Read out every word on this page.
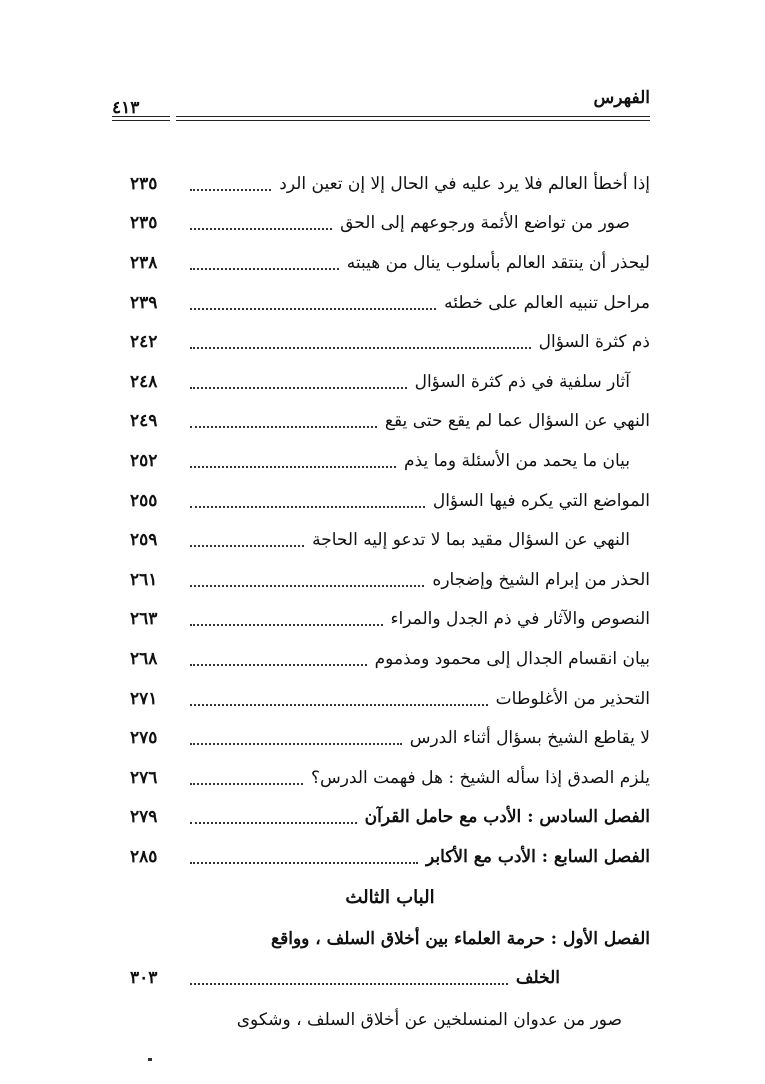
الفهرس
٤١٣
إذا أخطأ العالم فلا يرد عليه في الحال إلا إن تعين الرد
٢٣٥
صور من تواضع الأئمة ورجوعهم إلى الحق
٢٣٥
ليحذر أن ينتقد العالم بأسلوب ينال من هيبته
٢٣٨
مراحل تنبيه العالم على خطئه
٢٣٩
ذم كثرة السؤال
٢٤٢
آثار سلفية في ذم كثرة السؤال
٢٤٨
النهي عن السؤال عما لم يقع حتى يقع
٢٤٩
بيان ما يحمد من الأسئلة وما يذم
٢٥٢
المواضع التي يكره فيها السؤال
٢٥٥
النهي عن السؤال مقيد بما لا تدعو إليه الحاجة
٢٥٩
الحذر من إبرام الشيخ وإضجاره
٢٦١
النصوص والآثار في ذم الجدل والمراء
٢٦٣
بيان انقسام الجدال إلى محمود ومذموم
٢٦٨
التحذير من الأغلوطات
٢٧١
لا يقاطع الشيخ بسؤال أثناء الدرس
٢٧٥
يلزم الصدق إذا سأله الشيخ : هل فهمت الدرس؟
٢٧٦
الفصل السادس : الأدب مع حامل القرآن
٢٧٩
الفصل السابع : الأدب مع الأكابر
٢٨٥
الباب الثالث
الفصل الأول : حرمة العلماء بين أخلاق السلف ، وواقع
الخلف
٣٠٣
صور من عدوان المنسلخين عن أخلاق السلف ، وشكوى
